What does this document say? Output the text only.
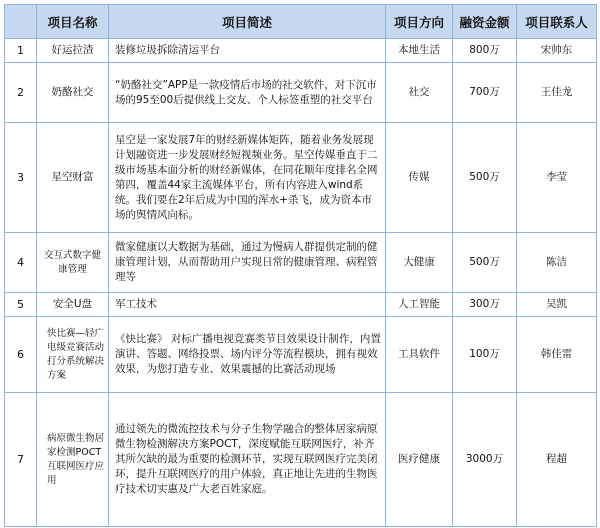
	项目名称	项目简述	项目方向	融资金额	项目联系人
1	好运拉渣	装修垃圾拆除清运平台	本地生活	800万	宋帅东
2	奶酪社交	“奶酪社交”APP是一款疫情后市场的社交软件，对下沉市场的95至00后提供线上交友、个人标签重塑的社交平台	社交	700万	王佳龙
3	星空财富	星空是一家发展7年的财经新媒体矩阵，随着业务发展现计划融资进一步发展财经短视频业务。星空传媒垂直于二级市场基本面分析的财经新媒体，在同花顺年度排名全网第四，覆盖44家主流媒体平台，所有内容进入wind系统。我们要在2年后成为中国的浑水+杀飞，成为资本市场的舆情风向标。	传媒	500万	李莹
4	交互式数字健康管理	微家健康以大数据为基础，通过为慢病人群提供定制的健康管理计划，从而帮助用户实现日常的健康管理、病程管理等	大健康	500万	陈洁
5	安全U盘	军工技术	人工智能	300万	吴凯
6	快比赛—轻广电级竞赛活动打分系统解决方案	《快比赛》 对标广播电视竞赛类节目效果设计制作，内置演讲、答题、网络投票、场内评分等流程模块，拥有视效效果，为您打造专业、效果震撼的比赛活动现场	工具软件	100万	韩佳雷
7	病原微生物居家检测POCT互联网医疗应用	通过领先的微流控技术与分子生物学融合的整体居家病原微生物检测解决方案POCT，深度赋能互联网医疗，补齐其所欠缺的最为重要的检测环节，实现互联网医疗完美闭环，提升互联网医疗的用户体验，真正地让先进的生物医疗技术切实惠及广大老百姓家庭。	医疗健康	3000万	程超
